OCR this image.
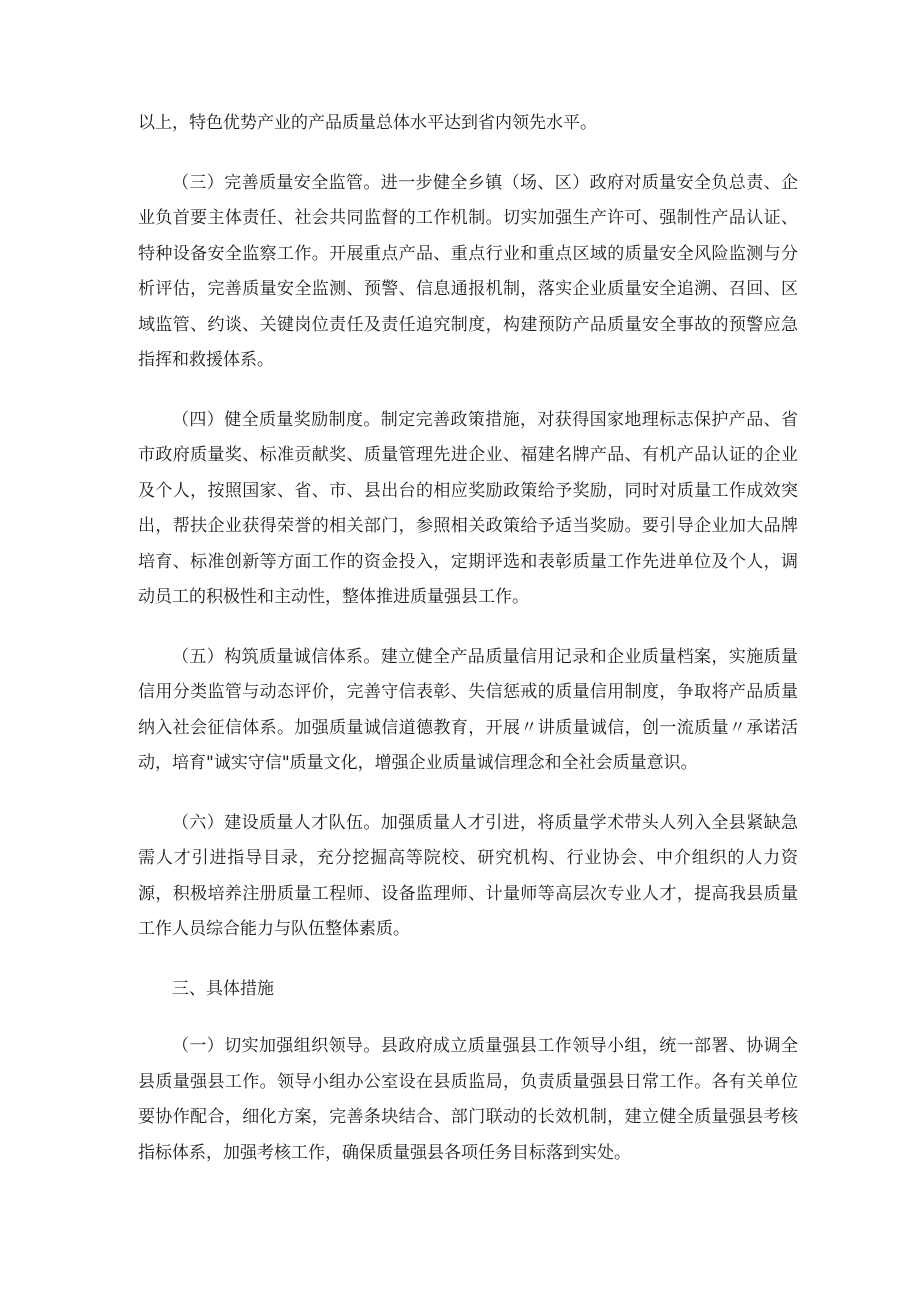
以上，特色优势产业的产品质量总体水平达到省内领先水平。

（三）完善质量安全监管。进一步健全乡镇（场、区）政府对质量安全负总责、企业负首要主体责任、社会共同监督的工作机制。切实加强生产许可、强制性产品认证、特种设备安全监察工作。开展重点产品、重点行业和重点区域的质量安全风险监测与分析评估，完善质量安全监测、预警、信息通报机制，落实企业质量安全追溯、召回、区域监管、约谈、关键岗位责任及责任追究制度，构建预防产品质量安全事故的预警应急指挥和救援体系。

（四）健全质量奖励制度。制定完善政策措施，对获得国家地理标志保护产品、省市政府质量奖、标准贡献奖、质量管理先进企业、福建名牌产品、有机产品认证的企业及个人，按照国家、省、市、县出台的相应奖励政策给予奖励，同时对质量工作成效突出，帮扶企业获得荣誉的相关部门，参照相关政策给予适当奖励。要引导企业加大品牌培育、标准创新等方面工作的资金投入，定期评选和表彰质量工作先进单位及个人，调动员工的积极性和主动性，整体推进质量强县工作。

（五）构筑质量诚信体系。建立健全产品质量信用记录和企业质量档案，实施质量信用分类监管与动态评价，完善守信表彰、失信惩戒的质量信用制度，争取将产品质量纳入社会征信体系。加强质量诚信道德教育，开展〃讲质量诚信，创一流质量〃承诺活动，培育"诚实守信"质量文化，增强企业质量诚信理念和全社会质量意识。

（六）建设质量人才队伍。加强质量人才引进，将质量学术带头人列入全县紧缺急需人才引进指导目录，充分挖掘高等院校、研究机构、行业协会、中介组织的人力资源，积极培养注册质量工程师、设备监理师、计量师等高层次专业人才，提高我县质量工作人员综合能力与队伍整体素质。

三、具体措施

（一）切实加强组织领导。县政府成立质量强县工作领导小组，统一部署、协调全县质量强县工作。领导小组办公室设在县质监局，负责质量强县日常工作。各有关单位要协作配合，细化方案，完善条块结合、部门联动的长效机制，建立健全质量强县考核指标体系，加强考核工作，确保质量强县各项任务目标落到实处。
